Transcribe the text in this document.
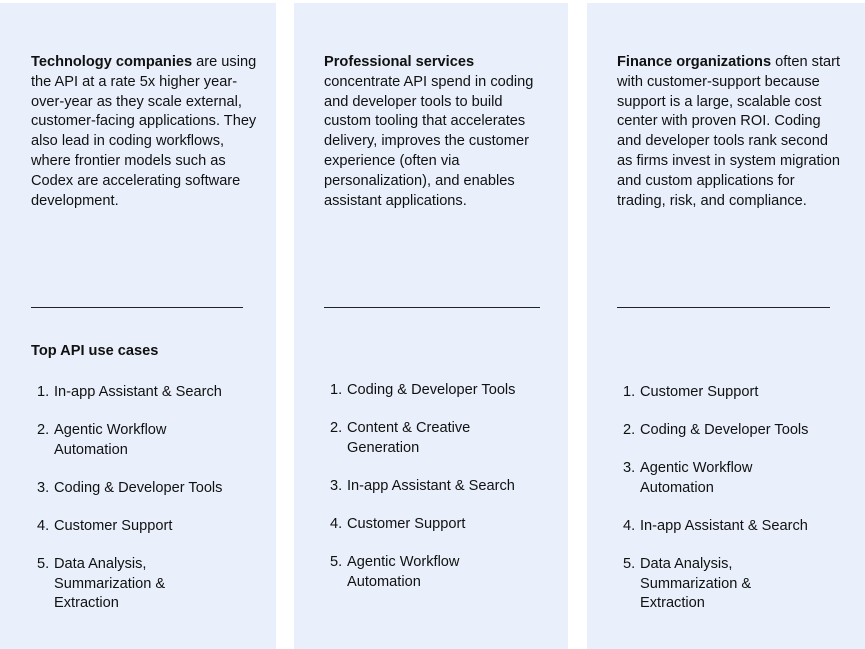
Technology companies are using the API at a rate 5x higher year-over-year as they scale external, customer-facing applications. They also lead in coding workflows, where frontier models such as Codex are accelerating software development.

Top API use cases

1. In-app Assistant & Search
2. Agentic Workflow Automation
3. Coding & Developer Tools
4. Customer Support
5. Data Analysis, Summarization & Extraction

Professional services concentrate API spend in coding and developer tools to build custom tooling that accelerates delivery, improves the customer experience (often via personalization), and enables assistant applications.

1. Coding & Developer Tools
2. Content & Creative Generation
3. In-app Assistant & Search
4. Customer Support
5. Agentic Workflow Automation

Finance organizations often start with customer-support because support is a large, scalable cost center with proven ROI. Coding and developer tools rank second as firms invest in system migration and custom applications for trading, risk, and compliance.

1. Customer Support
2. Coding & Developer Tools
3. Agentic Workflow Automation
4. In-app Assistant & Search
5. Data Analysis, Summarization & Extraction
